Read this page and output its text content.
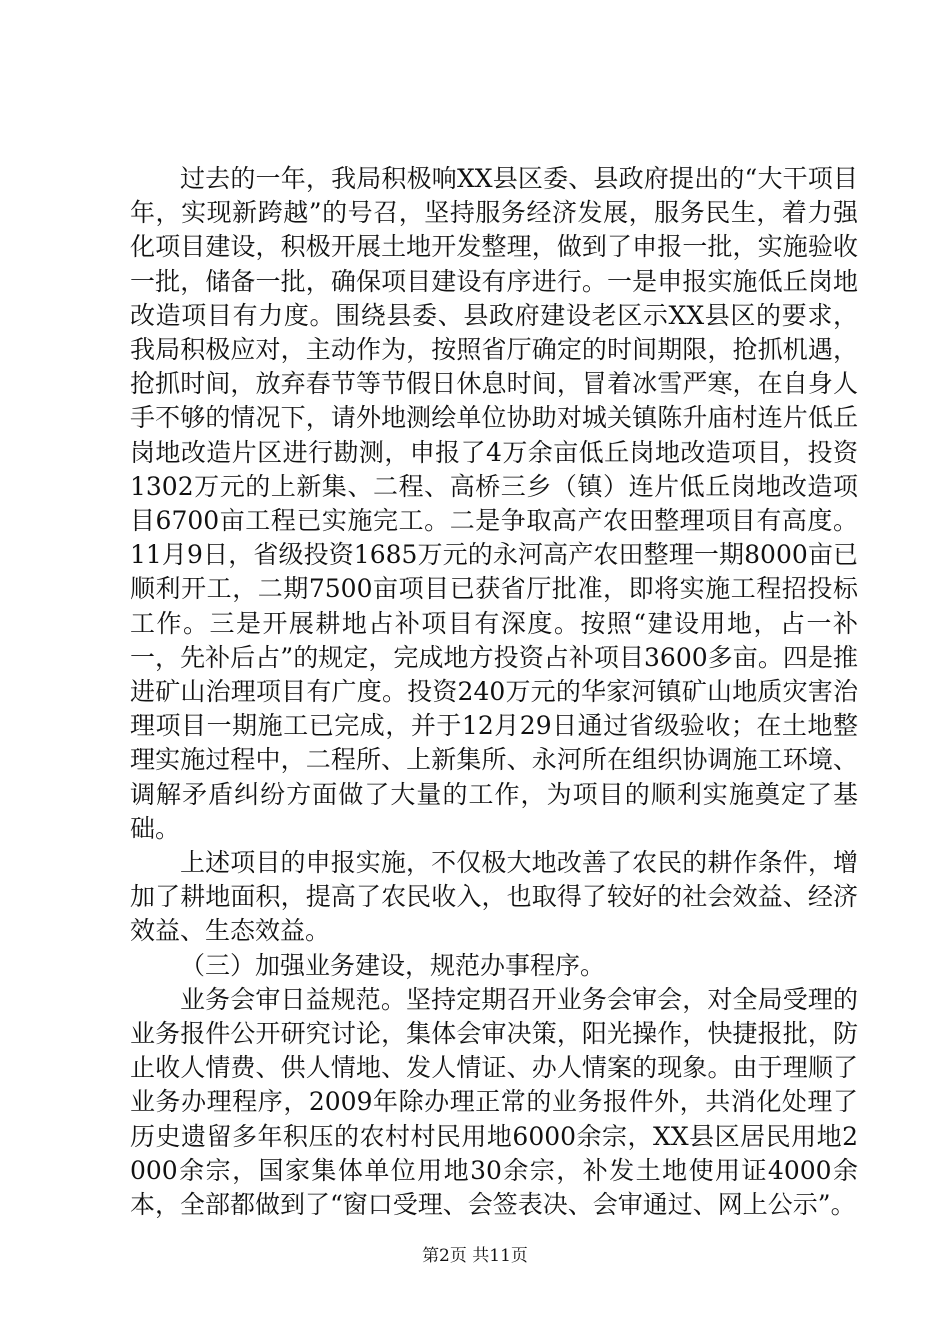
过去的一年，我局积极响XX县区委、县政府提出的“大干项目年，实现新跨越”的号召，坚持服务经济发展，服务民生，着力强化项目建设，积极开展土地开发整理，做到了申报一批，实施验收一批，储备一批，确保项目建设有序进行。一是申报实施低丘岗地改造项目有力度。围绕县委、县政府建设老区示XX县区的要求，我局积极应对，主动作为，按照省厅确定的时间期限，抢抓机遇，抢抓时间，放弃春节等节假日休息时间，冒着冰雪严寒，在自身人手不够的情况下，请外地测绘单位协助对城关镇陈升庙村连片低丘岗地改造片区进行勘测，申报了4万余亩低丘岗地改造项目，投资1302万元的上新集、二程、高桥三乡（镇）连片低丘岗地改造项目6700亩工程已实施完工。二是争取高产农田整理项目有高度。11月9日，省级投资1685万元的永河高产农田整理一期8000亩已顺利开工，二期7500亩项目已获省厅批准，即将实施工程招投标工作。三是开展耕地占补项目有深度。按照“建设用地，占一补一，先补后占”的规定，完成地方投资占补项目3600多亩。四是推进矿山治理项目有广度。投资240万元的华家河镇矿山地质灾害治理项目一期施工已完成，并于12月29日通过省级验收；在土地整理实施过程中，二程所、上新集所、永河所在组织协调施工环境、调解矛盾纠纷方面做了大量的工作，为项目的顺利实施奠定了基础。

上述项目的申报实施，不仅极大地改善了农民的耕作条件，增加了耕地面积，提高了农民收入，也取得了较好的社会效益、经济效益、生态效益。

（三）加强业务建设，规范办事程序。

业务会审日益规范。坚持定期召开业务会审会，对全局受理的业务报件公开研究讨论，集体会审决策，阳光操作，快捷报批，防止收人情费、供人情地、发人情证、办人情案的现象。由于理顺了业务办理程序，2009年除办理正常的业务报件外，共消化处理了历史遗留多年积压的农村村民用地6000余宗，XX县区居民用地2000余宗，国家集体单位用地30余宗，补发土地使用证4000余本，全部都做到了“窗口受理、会签表决、会审通过、网上公示”。

第2页 共11页
